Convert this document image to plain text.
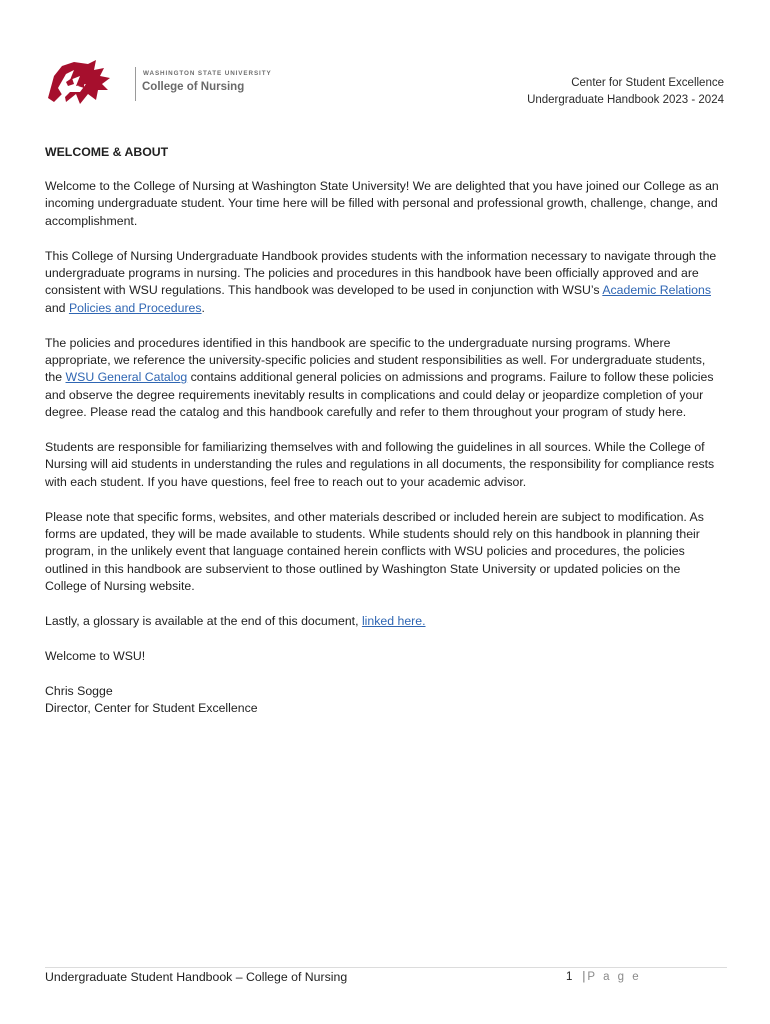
WASHINGTON STATE UNIVERSITY
College of Nursing	Center for Student Excellence
Undergraduate Handbook 2023 - 2024
WELCOME & ABOUT

Welcome to the College of Nursing at Washington State University! We are delighted that you have joined our College as an incoming undergraduate student. Your time here will be filled with personal and professional growth, challenge, change, and accomplishment.

This College of Nursing Undergraduate Handbook provides students with the information necessary to navigate through the undergraduate programs in nursing. The policies and procedures in this handbook have been officially approved and are consistent with WSU regulations. This handbook was developed to be used in conjunction with WSU’s Academic Relations and Policies and Procedures.

The policies and procedures identified in this handbook are specific to the undergraduate nursing programs. Where appropriate, we reference the university-specific policies and student responsibilities as well. For undergraduate students, the WSU General Catalog contains additional general policies on admissions and programs. Failure to follow these policies and observe the degree requirements inevitably results in complications and could delay or jeopardize completion of your degree. Please read the catalog and this handbook carefully and refer to them throughout your program of study here.

Students are responsible for familiarizing themselves with and following the guidelines in all sources. While the College of Nursing will aid students in understanding the rules and regulations in all documents, the responsibility for compliance rests with each student. If you have questions, feel free to reach out to your academic advisor.

Please note that specific forms, websites, and other materials described or included herein are subject to modification. As forms are updated, they will be made available to students. While students should rely on this handbook in planning their program, in the unlikely event that language contained herein conflicts with WSU policies and procedures, the policies outlined in this handbook are subservient to those outlined by Washington State University or updated policies on the College of Nursing website.

Lastly, a glossary is available at the end of this document, linked here.

Welcome to WSU!

Chris Sogge
Director, Center for Student Excellence
Undergraduate Student Handbook – College of Nursing	1 | P a g e
